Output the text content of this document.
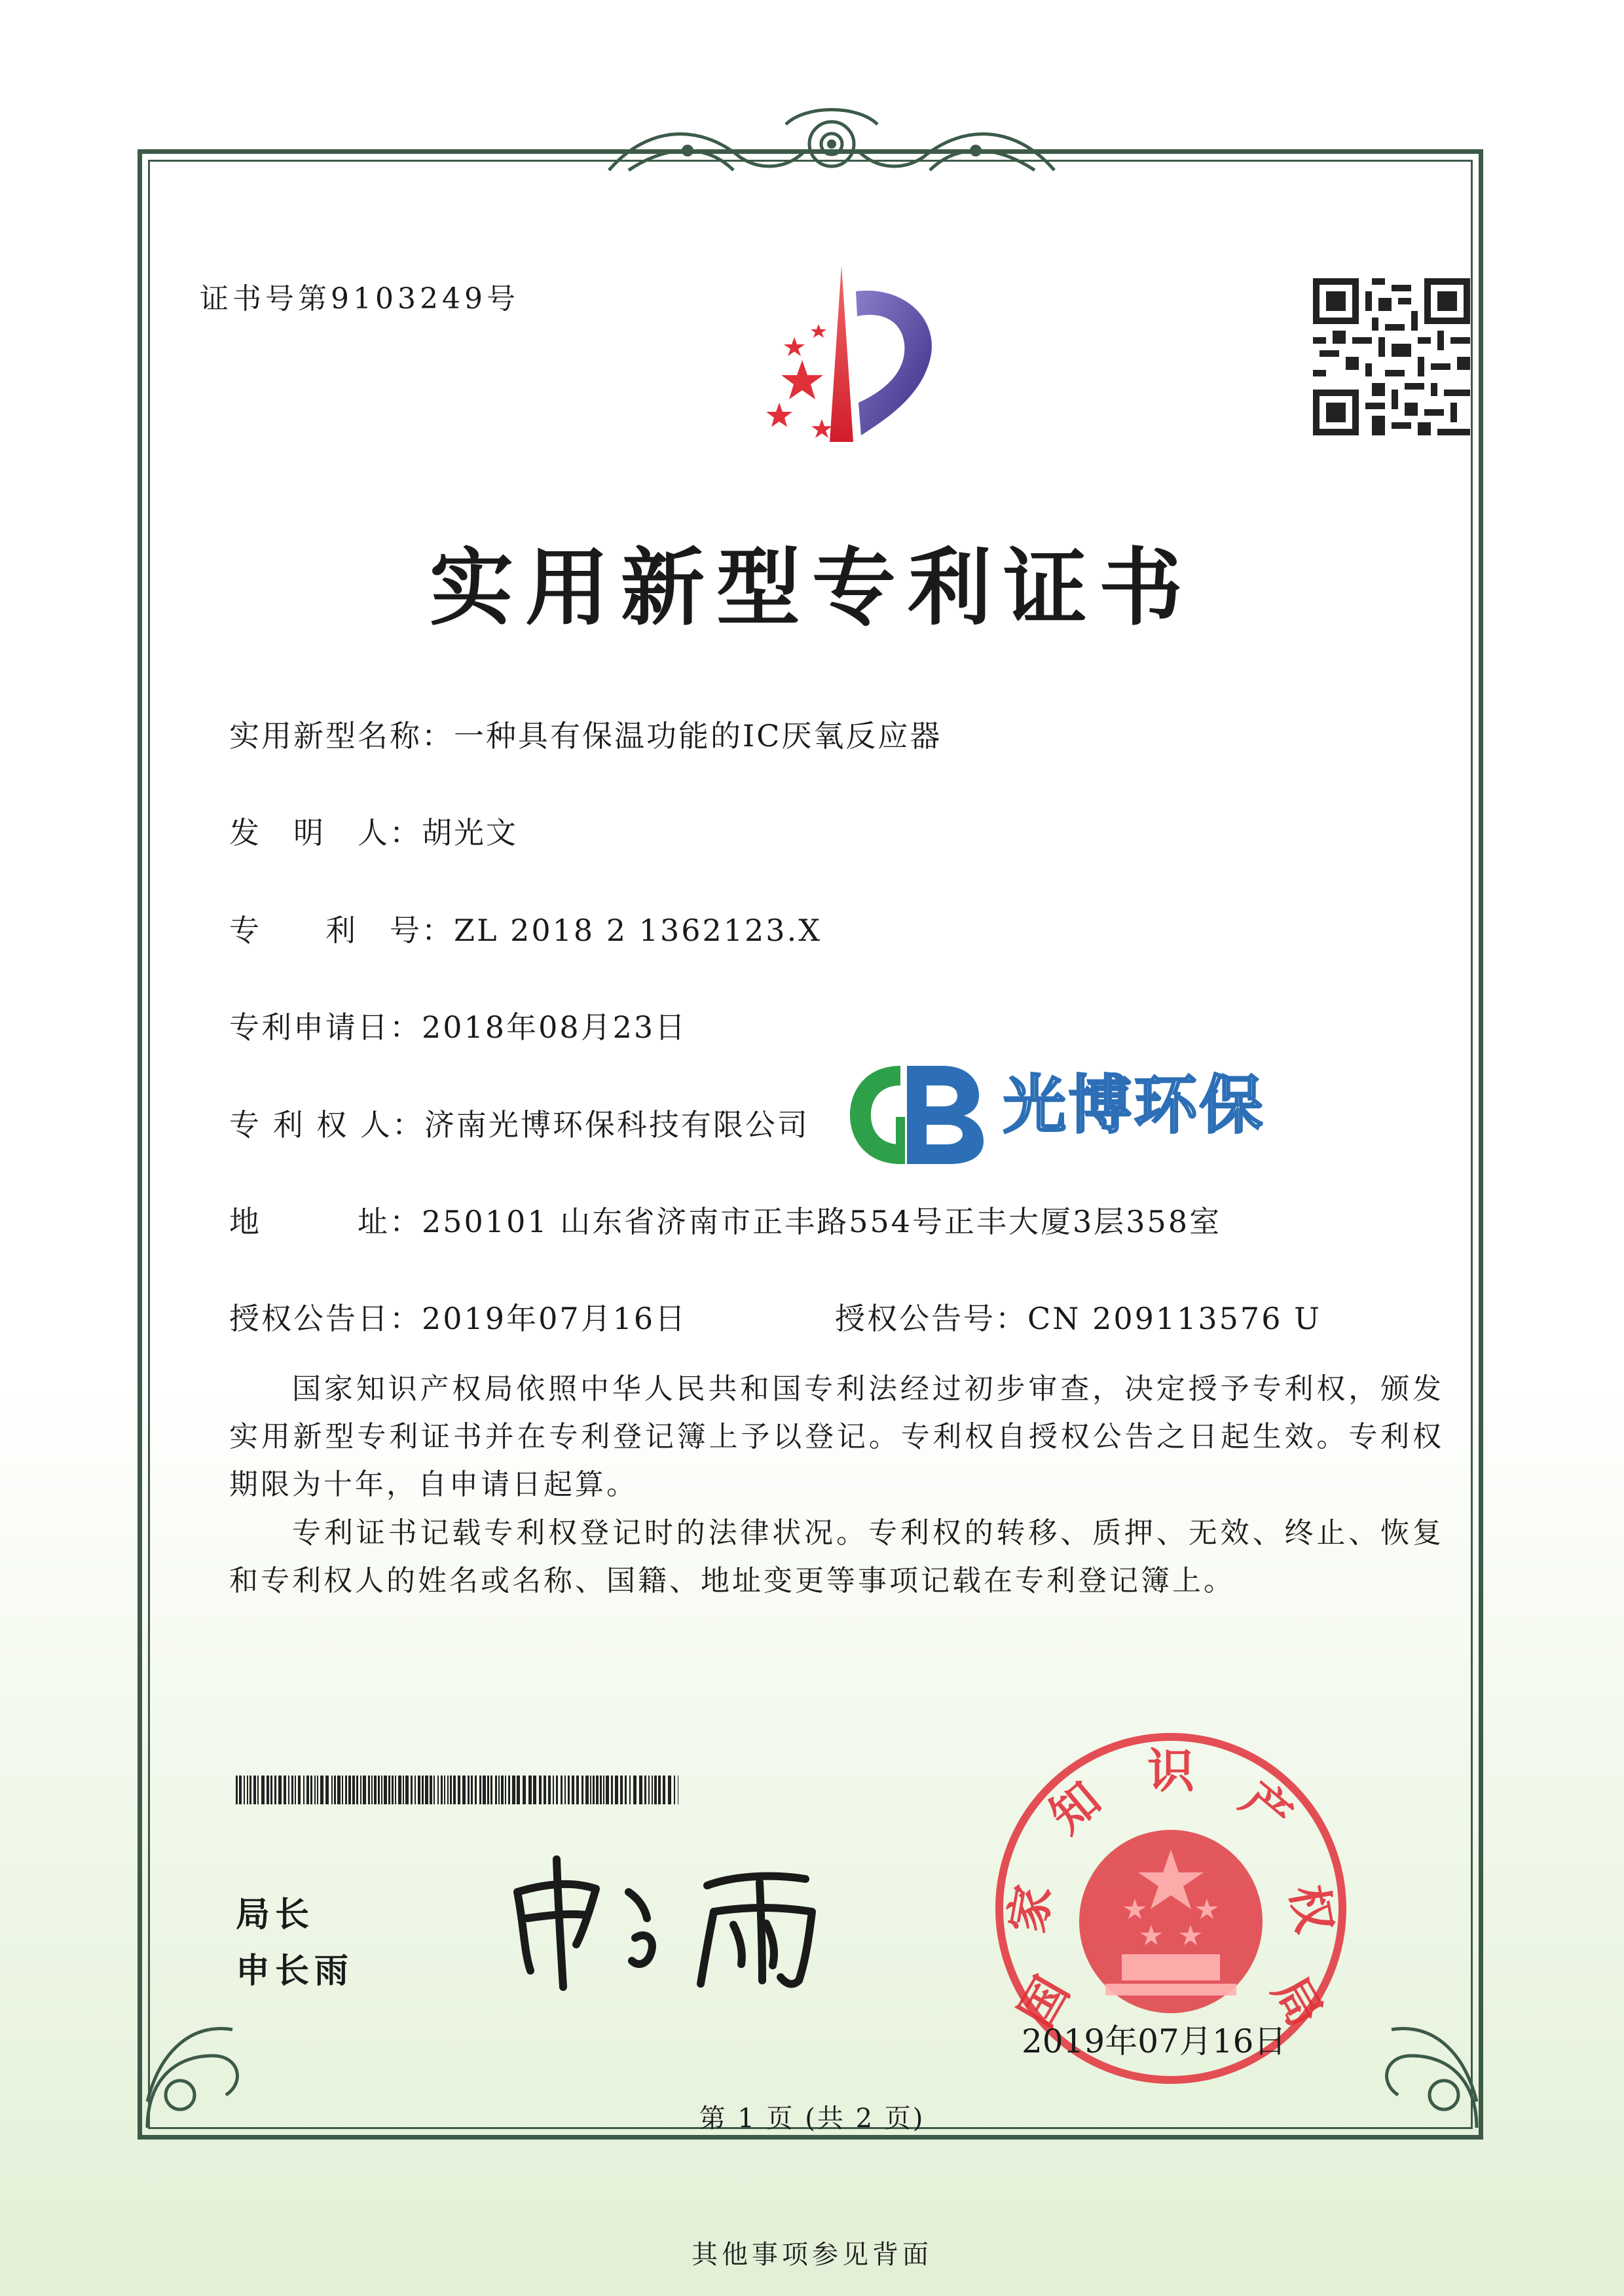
证书号第9103249号
实用新型专利证书
实用新型名称：一种具有保温功能的IC厌氧反应器
发　明　人：胡光文
专　　利　号：ZL 2018 2 1362123.X
专利申请日：2018年08月23日
专 利 权 人：济南光博环保科技有限公司
地　　　址：250101 山东省济南市正丰路554号正丰大厦3层358室
授权公告日：2019年07月16日	授权公告号：CN 209113576 U
光博环保
国家知识产权局依照中华人民共和国专利法经过初步审查，决定授予专利权，颁发实用新型专利证书并在专利登记簿上予以登记。专利权自授权公告之日起生效。专利权期限为十年，自申请日起算。
专利证书记载专利权登记时的法律状况。专利权的转移、质押、无效、终止、恢复和专利权人的姓名或名称、国籍、地址变更等事项记载在专利登记簿上。
局长
申长雨	国
家
知
识
产
权
局
2019年07月16日
第 1 页 (共 2 页)
其他事项参见背面
